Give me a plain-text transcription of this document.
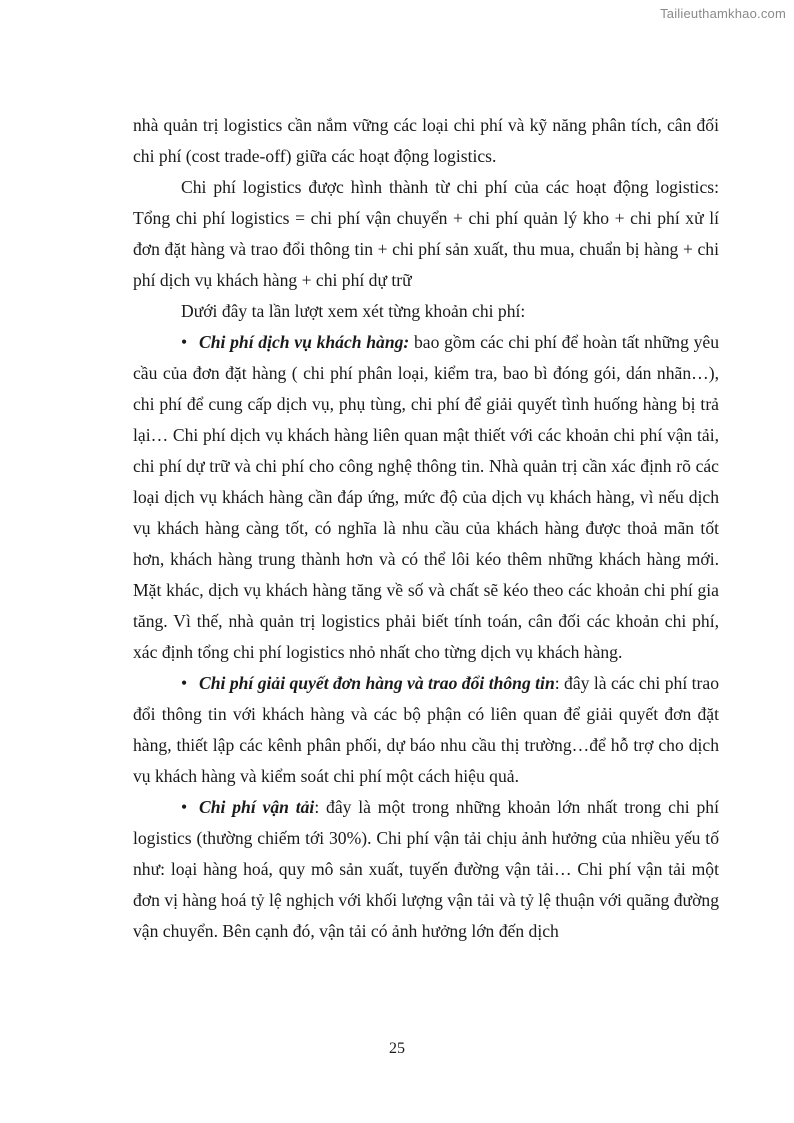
Tailieuthamkhao.com

nhà quản trị logistics cần nắm vững các loại chi phí và kỹ năng phân tích, cân đối chi phí (cost trade-off) giữa các hoạt động logistics.

Chi phí logistics được hình thành từ chi phí của các hoạt động logistics: Tổng chi phí logistics = chi phí vận chuyển + chi phí quản lý kho + chi phí xử lí đơn đặt hàng và trao đổi thông tin + chi phí sản xuất, thu mua, chuẩn bị hàng + chi phí dịch vụ khách hàng + chi phí dự trữ

Dưới đây ta lần lượt xem xét từng khoản chi phí:

• Chi phí dịch vụ khách hàng: bao gồm các chi phí để hoàn tất những yêu cầu của đơn đặt hàng ( chi phí phân loại, kiểm tra, bao bì đóng gói, dán nhãn…), chi phí để cung cấp dịch vụ, phụ tùng, chi phí để giải quyết tình huống hàng bị trả lại… Chi phí dịch vụ khách hàng liên quan mật thiết với các khoản chi phí vận tải, chi phí dự trữ và chi phí cho công nghệ thông tin. Nhà quản trị cần xác định rõ các loại dịch vụ khách hàng cần đáp ứng, mức độ của dịch vụ khách hàng, vì nếu dịch vụ khách hàng càng tốt, có nghĩa là nhu cầu của khách hàng được thoả mãn tốt hơn, khách hàng trung thành hơn và có thể lôi kéo thêm những khách hàng mới. Mặt khác, dịch vụ khách hàng tăng về số và chất sẽ kéo theo các khoản chi phí gia tăng. Vì thế, nhà quản trị logistics phải biết tính toán, cân đối các khoản chi phí, xác định tổng chi phí logistics nhỏ nhất cho từng dịch vụ khách hàng.

• Chi phí giải quyết đơn hàng và trao đổi thông tin: đây là các chi phí trao đổi thông tin với khách hàng và các bộ phận có liên quan để giải quyết đơn đặt hàng, thiết lập các kênh phân phối, dự báo nhu cầu thị trường…để hỗ trợ cho dịch vụ khách hàng và kiểm soát chi phí một cách hiệu quả.

• Chi phí vận tải: đây là một trong những khoản lớn nhất trong chi phí logistics (thường chiếm tới 30%). Chi phí vận tải chịu ảnh hưởng của nhiều yếu tố như: loại hàng hoá, quy mô sản xuất, tuyến đường vận tải… Chi phí vận tải một đơn vị hàng hoá tỷ lệ nghịch với khối lượng vận tải và tỷ lệ thuận với quãng đường vận chuyển. Bên cạnh đó, vận tải có ảnh hưởng lớn đến dịch

25
